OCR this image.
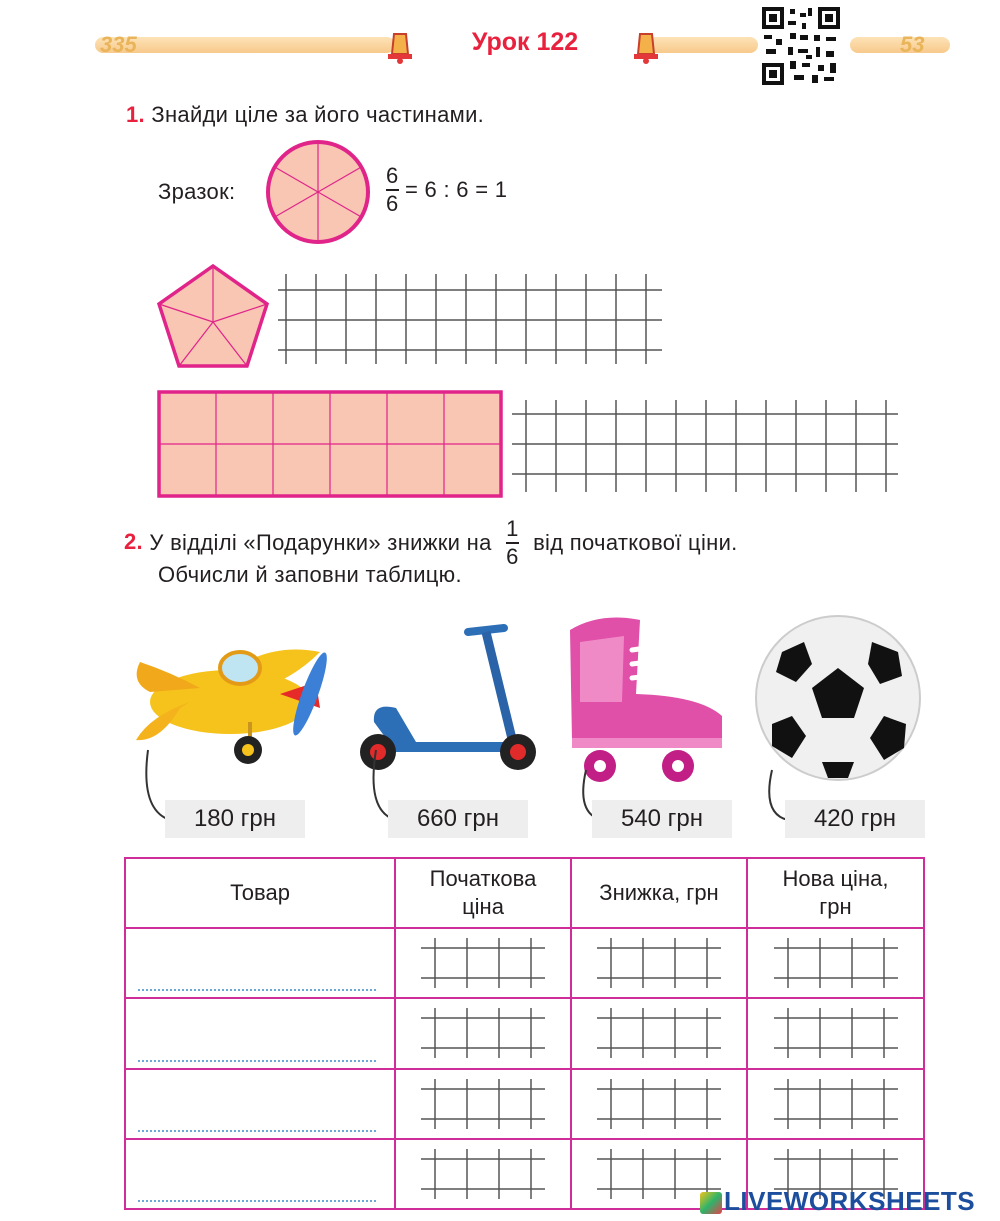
335	53
Урок 122
1. Знайди ціле за його частинами.
Зразок:	$\frac{6}{6} = 6$ : 6 = 1
2. У відділі «Подарунки» знижки на $\frac{1}{6}$ від початкової ціни.
Обчисли й заповни таблицю.
180 грн	660 грн	540 грн	420 грн
Товар	Початкова ціна	Знижка, грн	Нова ціна, грн

LIVEWORKSHEETS
